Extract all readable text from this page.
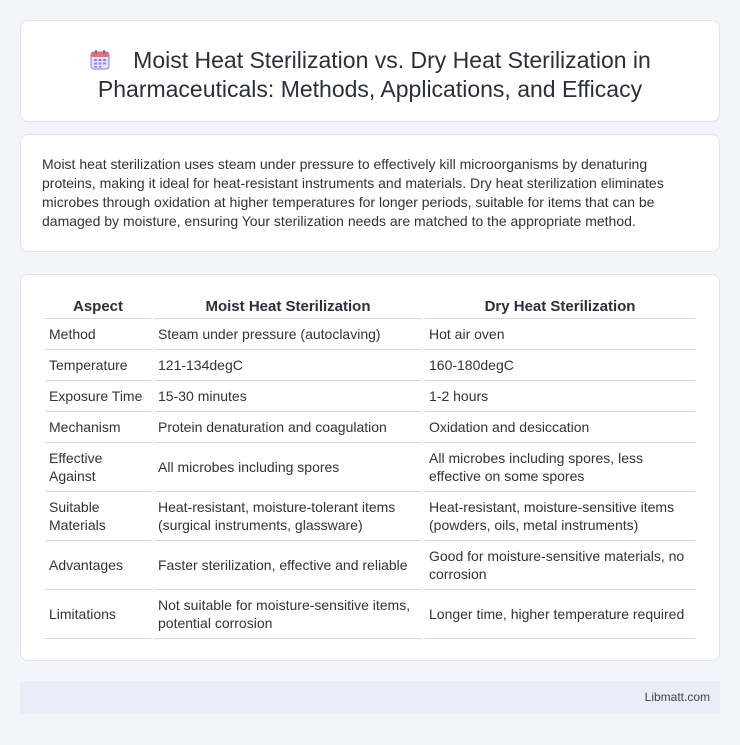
Moist Heat Sterilization vs. Dry Heat Sterilization in Pharmaceuticals: Methods, Applications, and Efficacy

Moist heat sterilization uses steam under pressure to effectively kill microorganisms by denaturing proteins, making it ideal for heat-resistant instruments and materials. Dry heat sterilization eliminates microbes through oxidation at higher temperatures for longer periods, suitable for items that can be damaged by moisture, ensuring Your sterilization needs are matched to the appropriate method.

Aspect	Moist Heat Sterilization	Dry Heat Sterilization
Method	Steam under pressure (autoclaving)	Hot air oven
Temperature	121-134degC	160-180degC
Exposure Time	15-30 minutes	1-2 hours
Mechanism	Protein denaturation and coagulation	Oxidation and desiccation
Effective Against	All microbes including spores	All microbes including spores, less effective on some spores
Suitable Materials	Heat-resistant, moisture-tolerant items (surgical instruments, glassware)	Heat-resistant, moisture-sensitive items (powders, oils, metal instruments)
Advantages	Faster sterilization, effective and reliable	Good for moisture-sensitive materials, no corrosion
Limitations	Not suitable for moisture-sensitive items, potential corrosion	Longer time, higher temperature required
Libmatt.com
